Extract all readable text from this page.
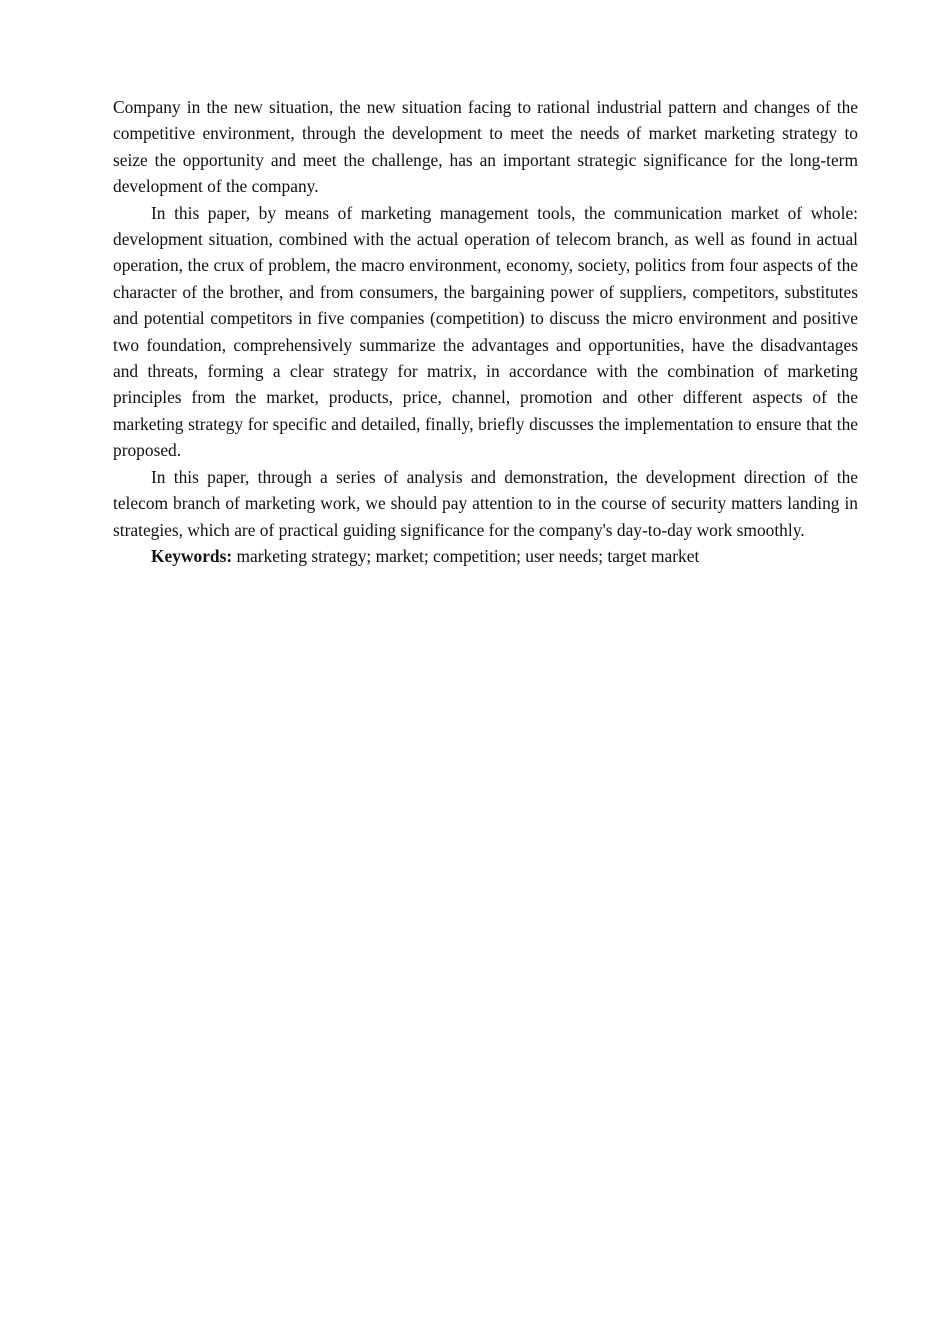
Company in the new situation, the new situation facing to rational industrial pattern and changes of the competitive environment, through the development to meet the needs of market marketing strategy to seize the opportunity and meet the challenge, has an important strategic significance for the long-term development of the company.

In this paper, by means of marketing management tools, the communication market of whole: development situation, combined with the actual operation of telecom branch, as well as found in actual operation, the crux of problem, the macro environment, economy, society, politics from four aspects of the character of the brother, and from consumers, the bargaining power of suppliers, competitors, substitutes and potential competitors in five companies (competition) to discuss the micro environment and positive two foundation, comprehensively summarize the advantages and opportunities, have the disadvantages and threats, forming a clear strategy for matrix, in accordance with the combination of marketing principles from the market, products, price, channel, promotion and other different aspects of the marketing strategy for specific and detailed, finally, briefly discusses the implementation to ensure that the proposed.

In this paper, through a series of analysis and demonstration, the development direction of the telecom branch of marketing work, we should pay attention to in the course of security matters landing in strategies, which are of practical guiding significance for the company's day-to-day work smoothly.

Keywords: marketing strategy; market; competition; user needs; target market
